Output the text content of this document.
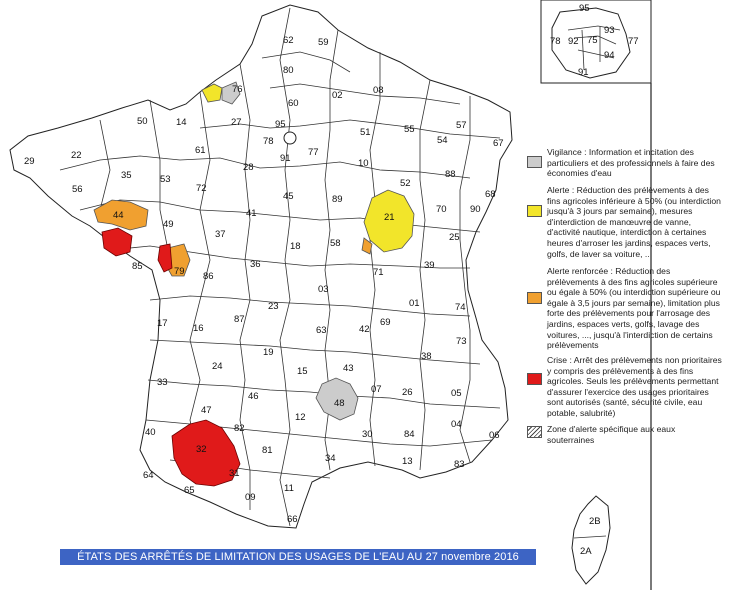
62	59
80
76
60
02	08
50	14	27	95
78
91
77
51	55	57
67
29
22	61
28	10
52
54
88
68
35	53
72
45	89
70 90
56
49
41	21
25
44
37
18	58
39
85
86
36
71
01	74
79
03
17	87
23
63	42
69
16
19
73
38
24	15	43
07 26
33
46
48
05
47
12
04
06
40	82
30	84
32	81
34	13	83
64	31
65
09
11
66	2B
2A
95
93
78 92 75
94
77
91
Vigilance : Information et incitation des particuliers et des professionnels à faire des économies d'eau
Alerte : Réduction des prélèvements à des fins agricoles inférieure à 50% (ou interdiction jusqu'à 3 jours par semaine), mesures d'interdiction de manœuvre de vanne, d'activité nautique, interdiction à certaines heures d'arroser les jardins, espaces verts, golfs, de laver sa voiture, ...
Alerte renforcée : Réduction des prélèvements à des fins agricoles supérieure ou égale à 50% (ou interdiction supérieure ou égale à 3,5 jours par semaine), limitation plus forte des prélèvements pour l'arrosage des jardins, espaces verts, golfs, lavage des voitures, ..., jusqu'à l'interdiction de certains prélèvements
Crise : Arrêt des prélèvements non prioritaires y compris des prélèvements à des fins agricoles. Seuls les prélèvements permettant d'assurer l'exercice des usages prioritaires sont autorisés (santé, sécurité civile, eau potable, salubrité)
Zone d'alerte spécifique aux eaux souterraines
ÉTATS DES ARRÊTÉS DE LIMITATION DES USAGES DE L'EAU AU 27 novembre 2016
